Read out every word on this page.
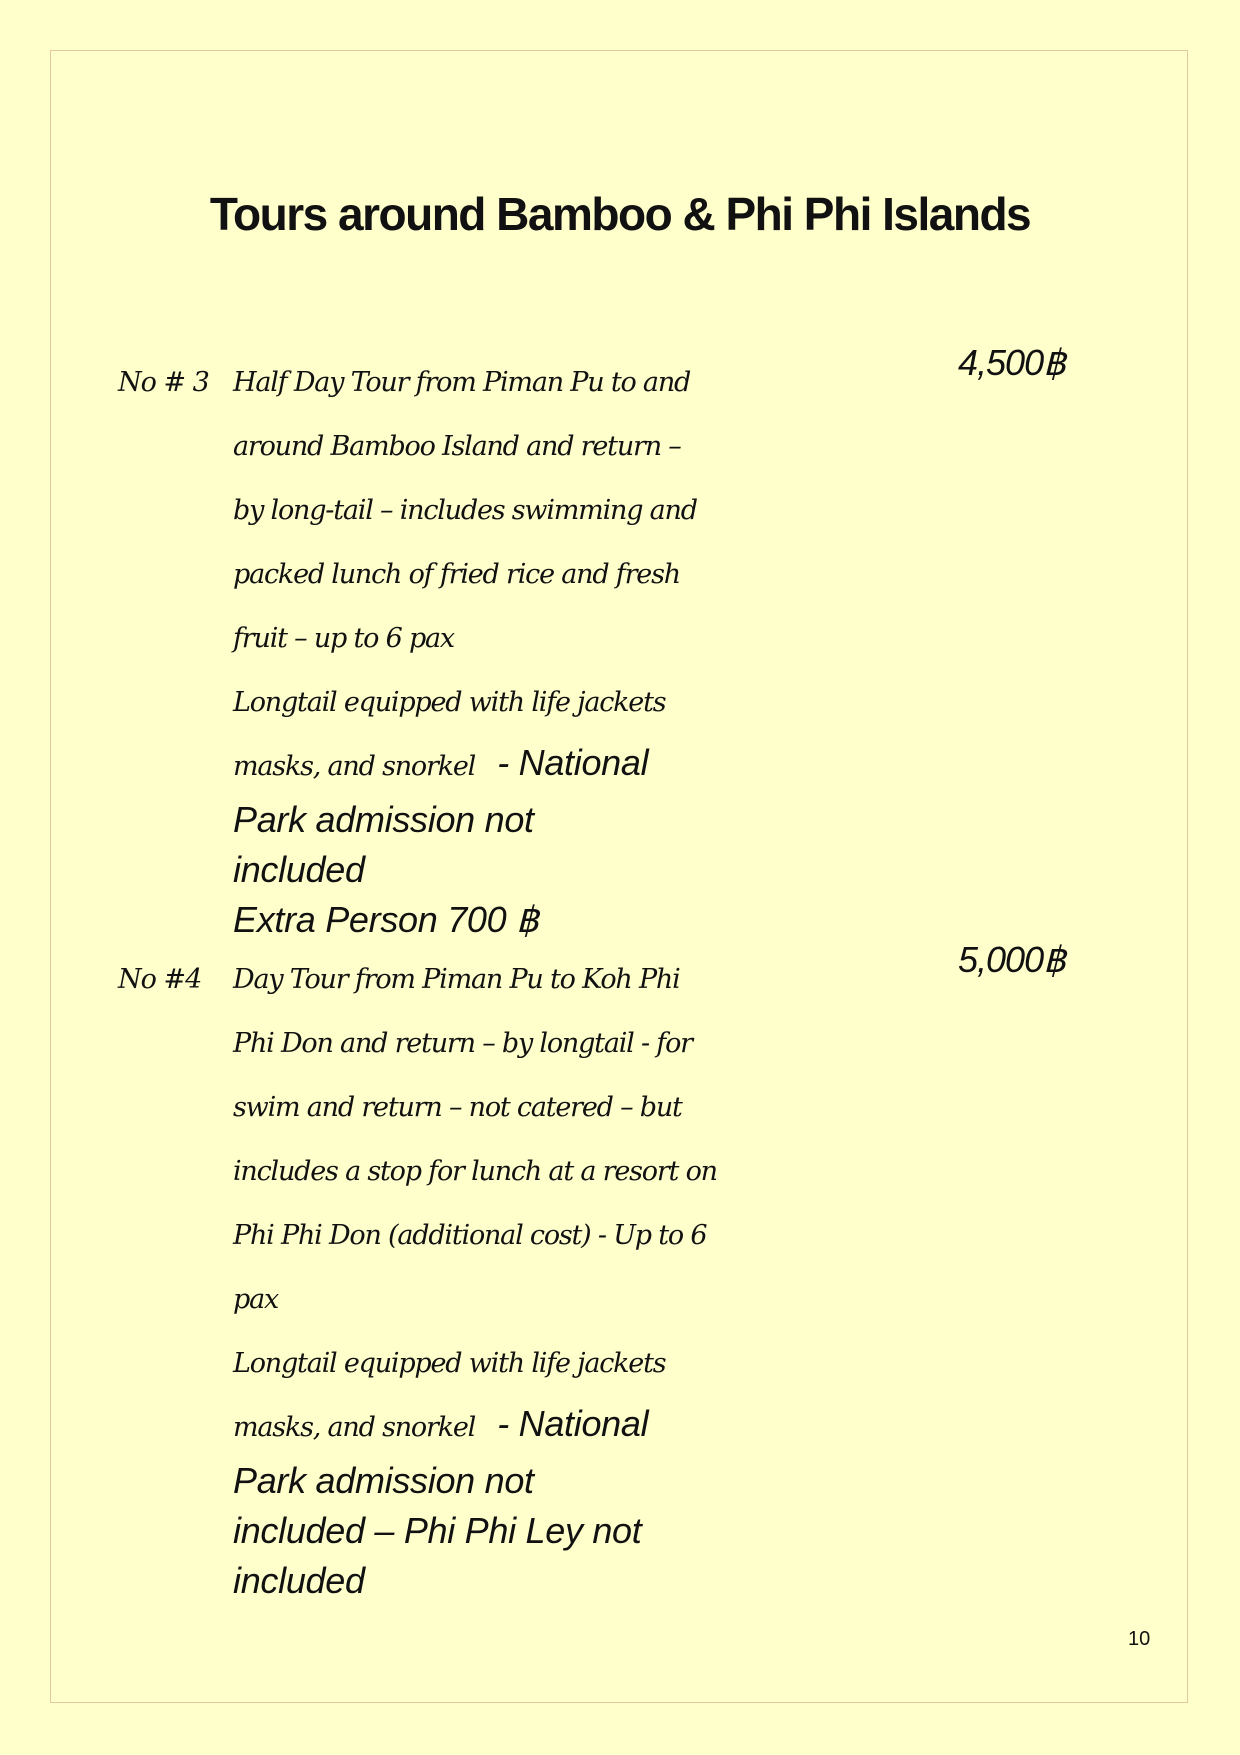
Tours around Bamboo & Phi Phi Islands
No # 3 Half Day Tour from Piman Pu to and
around Bamboo Island and return –
by long-tail – includes swimming and
packed lunch of fried rice and fresh
fruit – up to 6 pax
Longtail equipped with life jackets
masks, and snorkel - National
Park admission not
included
Extra Person 700 ฿
4,500฿
No #4 Day Tour from Piman Pu to Koh Phi
Phi Don and return – by longtail - for
swim and return – not catered – but
includes a stop for lunch at a resort on
Phi Phi Don (additional cost) - Up to 6
pax
Longtail equipped with life jackets
masks, and snorkel - National
Park admission not
included – Phi Phi Ley not
included
5,000฿
10
